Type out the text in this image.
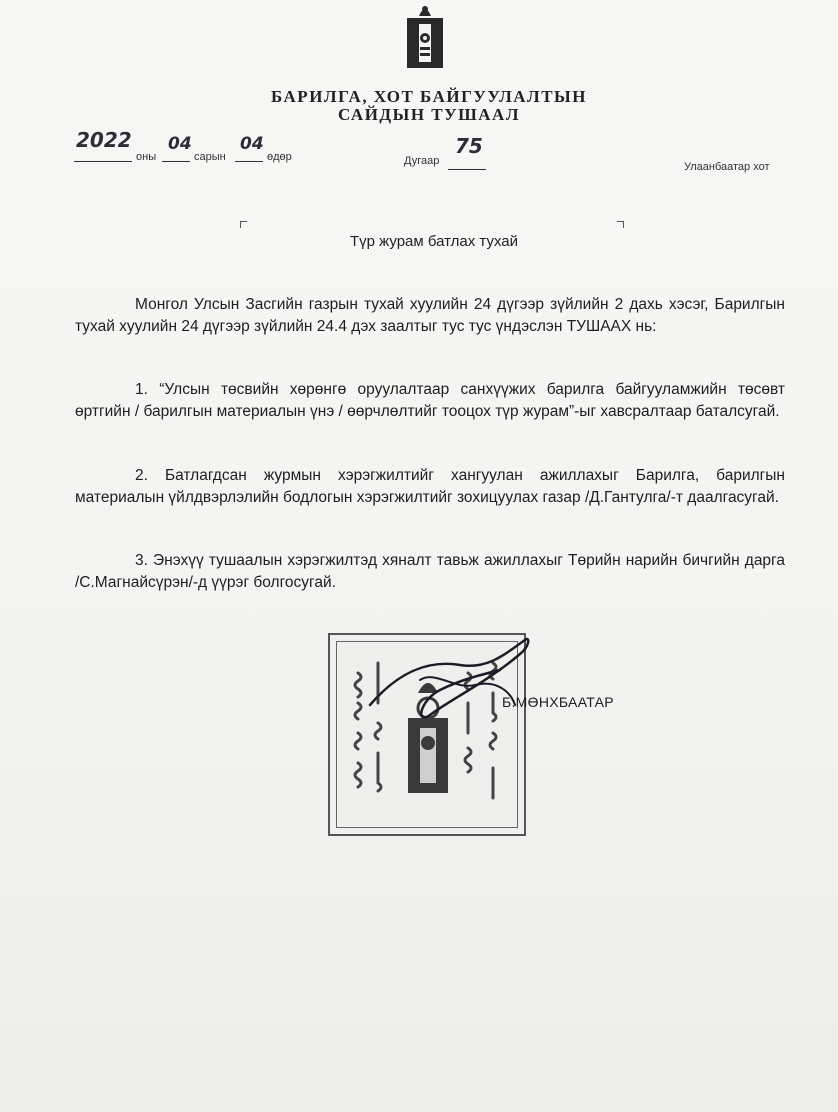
БАРИЛГА, ХОТ БАЙГУУЛАЛТЫН
САЙДЫН ТУШААЛ
2022
оны
04
сарын
04
өдөр	Дугаар
75
Улаанбаатар хот
Түр журам батлах тухай

Монгол Улсын Засгийн газрын тухай хуулийн 24 дүгээр зүйлийн 2 дахь хэсэг, Барилгын тухай хуулийн 24 дүгээр зүйлийн 24.4 дэх заалтыг тус тус үндэслэн ТУШААХ нь:

1. “Улсын төсвийн хөрөнгө оруулалтаар санхүүжих барилга байгууламжийн төсөвт өртгийн / барилгын материалын үнэ / өөрчлөлтийг тооцох түр журам”-ыг хавсралтаар баталсугай.

2. Батлагдсан журмын хэрэгжилтийг хангуулан ажиллахыг Барилга, барилгын материалын үйлдвэрлэлийн бодлогын хэрэгжилтийг зохицуулах газар /Д.Гантулга/-т даалгасугай.

3. Энэхүү тушаалын хэрэгжилтэд хяналт тавьж ажиллахыг Төрийн нарийн бичгийн дарга /С.Магнайсүрэн/-д үүрэг болгосугай.

Б.МӨНХБААТАР
